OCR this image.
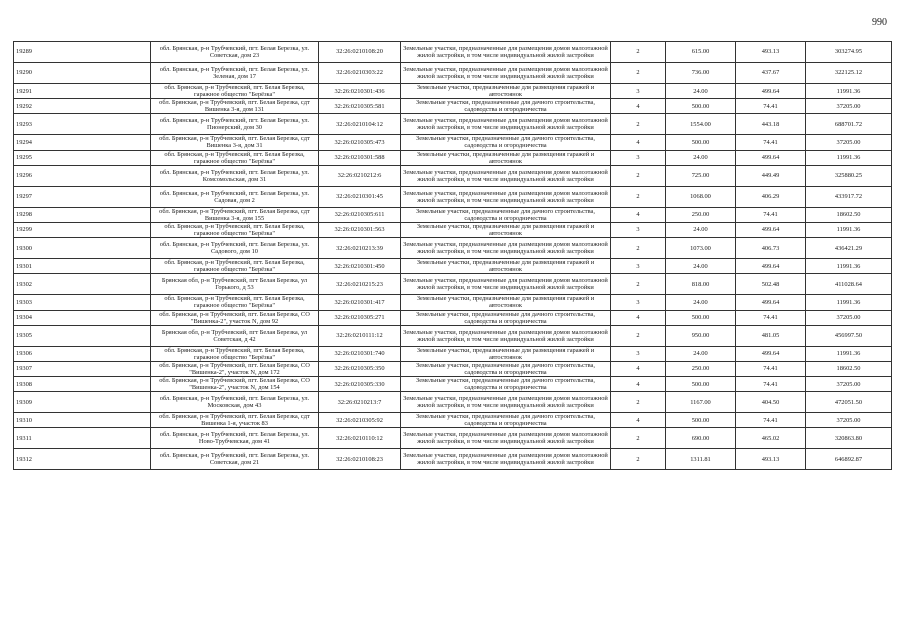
990
19289	обл. Брянская, р-н Трубчевский, пгт. Белая Березка, ул. Советская, дом 23	32:26:0210108:20	Земельные участки, предназначенные для размещения домов малоэтажной жилой застройки, в том числе индивидуальной жилой застройки	2	615.00	493.13	303274.95
19290	обл. Брянская, р-н Трубчевский, пгт. Белая Березка, ул. Зеленая, дом 17	32:26:0210303:22	Земельные участки, предназначенные для размещения домов малоэтажной жилой застройки, в том числе индивидуальной жилой застройки	2	736.00	437.67	322125.12
19291	обл. Брянская, р-н Трубчевский, пгт. Белая Березка, гаражное общество "Берёзка"	32:26:0210301:436	Земельные участки, предназначенные для размещения гаражей и автостоянок	3	24.00	499.64	11991.36
19292	обл. Брянская, р-н Трубчевский, пгт. Белая Березка, сдт Вишенка 3-я, дом 131	32:26:0210305:581	Земельные участки, предназначенные для дачного строительства, садоводства и огородничества	4	500.00	74.41	37205.00
19293	обл. Брянская, р-н Трубчевский, пгт. Белая Березка, ул. Пионерский, дом 30	32:26:0210104:12	Земельные участки, предназначенные для размещения домов малоэтажной жилой застройки, в том числе индивидуальной жилой застройки	2	1554.00	443.18	688701.72
19294	обл. Брянская, р-н Трубчевский, пгт. Белая Березка, сдт Вишенка 3-я, дом 31	32:26:0210305:473	Земельные участки, предназначенные для дачного строительства, садоводства и огородничества	4	500.00	74.41	37205.00
19295	обл. Брянская, р-н Трубчевский, пгт. Белая Березка, гаражное общество "Берёзка"	32:26:0210301:588	Земельные участки, предназначенные для размещения гаражей и автостоянок	3	24.00	499.64	11991.36
19296	обл. Брянская, р-н Трубчевский, пгт. Белая Березка, ул. Комсомольская, дом 31	32:26:0210212:6	Земельные участки, предназначенные для размещения домов малоэтажной жилой застройки, в том числе индивидуальной жилой застройки	2	725.00	449.49	325880.25
19297	обл. Брянская, р-н Трубчевский, пгт. Белая Березка, ул. Садовая, дом 2	32:26:0210301:45	Земельные участки, предназначенные для размещения домов малоэтажной жилой застройки, в том числе индивидуальной жилой застройки	2	1068.00	406.29	433917.72
19298	обл. Брянская, р-н Трубчевский, пгт. Белая Березка, сдт Вишенка 3-я, дом 155	32:26:0210305:611	Земельные участки, предназначенные для дачного строительства, садоводства и огородничества	4	250.00	74.41	18602.50
19299	обл. Брянская, р-н Трубчевский, пгт. Белая Березка, гаражное общество "Берёзка"	32:26:0210301:563	Земельные участки, предназначенные для размещения гаражей и автостоянок	3	24.00	499.64	11991.36
19300	обл. Брянская, р-н Трубчевский, пгт. Белая Березка, ул. Садового, дом 10	32:26:0210213:39	Земельные участки, предназначенные для размещения домов малоэтажной жилой застройки, в том числе индивидуальной жилой застройки	2	1073.00	406.73	436421.29
19301	обл. Брянская, р-н Трубчевский, пгт. Белая Березка, гаражное общество "Берёзка"	32:26:0210301:450	Земельные участки, предназначенные для размещения гаражей и автостоянок	3	24.00	499.64	11991.36
19302	Брянская обл, р-н Трубчевский, пгт Белая Березка, ул Горького, д 53	32:26:0210215:23	Земельные участки, предназначенные для размещения домов малоэтажной жилой застройки, в том числе индивидуальной жилой застройки	2	818.00	502.48	411028.64
19303	обл. Брянская, р-н Трубчевский, пгт. Белая Березка, гаражное общество "Берёзка"	32:26:0210301:417	Земельные участки, предназначенные для размещения гаражей и автостоянок	3	24.00	499.64	11991.36
19304	обл. Брянская, р-н Трубчевский, пгт. Белая Березка, СО "Вишенка-2", участок N, дом 92	32:26:0210305:271	Земельные участки, предназначенные для дачного строительства, садоводства и огородничества	4	500.00	74.41	37205.00
19305	Брянская обл, р-н Трубчевский, пгт Белая Березка, ул Советская, д 42	32:26:0210111:12	Земельные участки, предназначенные для размещения домов малоэтажной жилой застройки, в том числе индивидуальной жилой застройки	2	950.00	481.05	456997.50
19306	обл. Брянская, р-н Трубчевский, пгт. Белая Березка, гаражное общество "Берёзка"	32:26:0210301:740	Земельные участки, предназначенные для размещения гаражей и автостоянок	3	24.00	499.64	11991.36
19307	обл. Брянская, р-н Трубчевский, пгт. Белая Березка, СО "Вишенка-2", участок N, дом 172	32:26:0210305:350	Земельные участки, предназначенные для дачного строительства, садоводства и огородничества	4	250.00	74.41	18602.50
19308	обл. Брянская, р-н Трубчевский, пгт. Белая Березка, СО "Вишенка-2", участок N, дом 154	32:26:0210305:330	Земельные участки, предназначенные для дачного строительства, садоводства и огородничества	4	500.00	74.41	37205.00
19309	обл. Брянская, р-н Трубчевский, пгт. Белая Березка, ул. Московская, дом 43	32:26:0210213:7	Земельные участки, предназначенные для размещения домов малоэтажной жилой застройки, в том числе индивидуальной жилой застройки	2	1167.00	404.50	472051.50
19310	обл. Брянская, р-н Трубчевский, пгт. Белая Березка, сдт Вишенка 1-я, участок 83	32:26:0210305:92	Земельные участки, предназначенные для дачного строительства, садоводства и огородничества	4	500.00	74.41	37205.00
19311	обл. Брянская, р-н Трубчевский, пгт. Белая Березка, ул. Ново-Трубчевская, дом 41	32:26:0210110:12	Земельные участки, предназначенные для размещения домов малоэтажной жилой застройки, в том числе индивидуальной жилой застройки	2	690.00	465.02	320863.80
19312	обл. Брянская, р-н Трубчевский, пгт. Белая Березка, ул. Советская, дом 21	32:26:0210108:23	Земельные участки, предназначенные для размещения домов малоэтажной жилой застройки, в том числе индивидуальной жилой застройки	2	1311.81	493.13	646892.87
